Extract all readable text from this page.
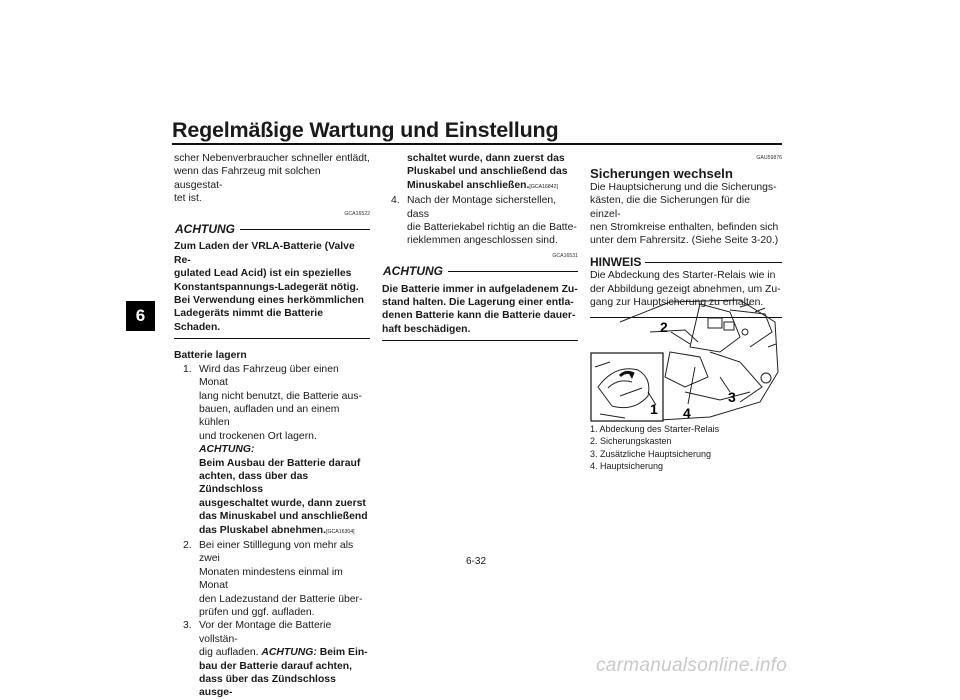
Regelmäßige Wartung und Einstellung
6

scher Nebenverbraucher schneller entlädt,

wenn das Fahrzeug mit solchen ausgestat-

tet ist.

GCA16522

ACHTUNG

Zum Laden der VRLA-Batterie (Valve Re-

gulated Lead Acid) ist ein spezielles

Konstantspannungs-Ladegerät nötig.

Bei Verwendung eines herkömmlichen

Ladegeräts nimmt die Batterie Schaden.

Batterie lagern

1. Wird das Fahrzeug über einen Monat

lang nicht benutzt, die Batterie aus-

bauen, aufladen und an einem kühlen

und trockenen Ort lagern. ACHTUNG:

Beim Ausbau der Batterie darauf

achten, dass über das Zündschloss

ausgeschaltet wurde, dann zuerst

das Minuskabel und anschließend

das Pluskabel abnehmen.[GCA16304]

2. Bei einer Stilllegung von mehr als zwei

Monaten mindestens einmal im Monat

den Ladezustand der Batterie über-

prüfen und ggf. aufladen.

3. Vor der Montage die Batterie vollstän-

dig aufladen. ACHTUNG: Beim Ein-

bau der Batterie darauf achten,

dass über das Zündschloss ausge-

schaltet wurde, dann zuerst das

Pluskabel und anschließend das

Minuskabel anschließen.[GCA16842]

4. Nach der Montage sicherstellen, dass

die Batteriekabel richtig an die Batte-

rieklemmen angeschlossen sind.

GCA16531

ACHTUNG

Die Batterie immer in aufgeladenem Zu-

stand halten. Die Lagerung einer entla-

denen Batterie kann die Batterie dauer-

haft beschädigen.

GAU59876

Sicherungen wechseln

Die Hauptsicherung und die Sicherungs-

kästen, die die Sicherungen für die einzel-

nen Stromkreise enthalten, befinden sich

unter dem Fahrersitz. (Siehe Seite 3-20.)

HINWEIS

Die Abdeckung des Starter-Relais wie in

der Abbildung gezeigt abnehmen, um Zu-

gang zur Hauptsicherung zu erhalten.

1
2
3
4
1. Abdeckung des Starter-Relais
2. Sicherungskasten
3. Zusätzliche Hauptsicherung
4. Hauptsicherung
6-32
carmanualsonline.info
